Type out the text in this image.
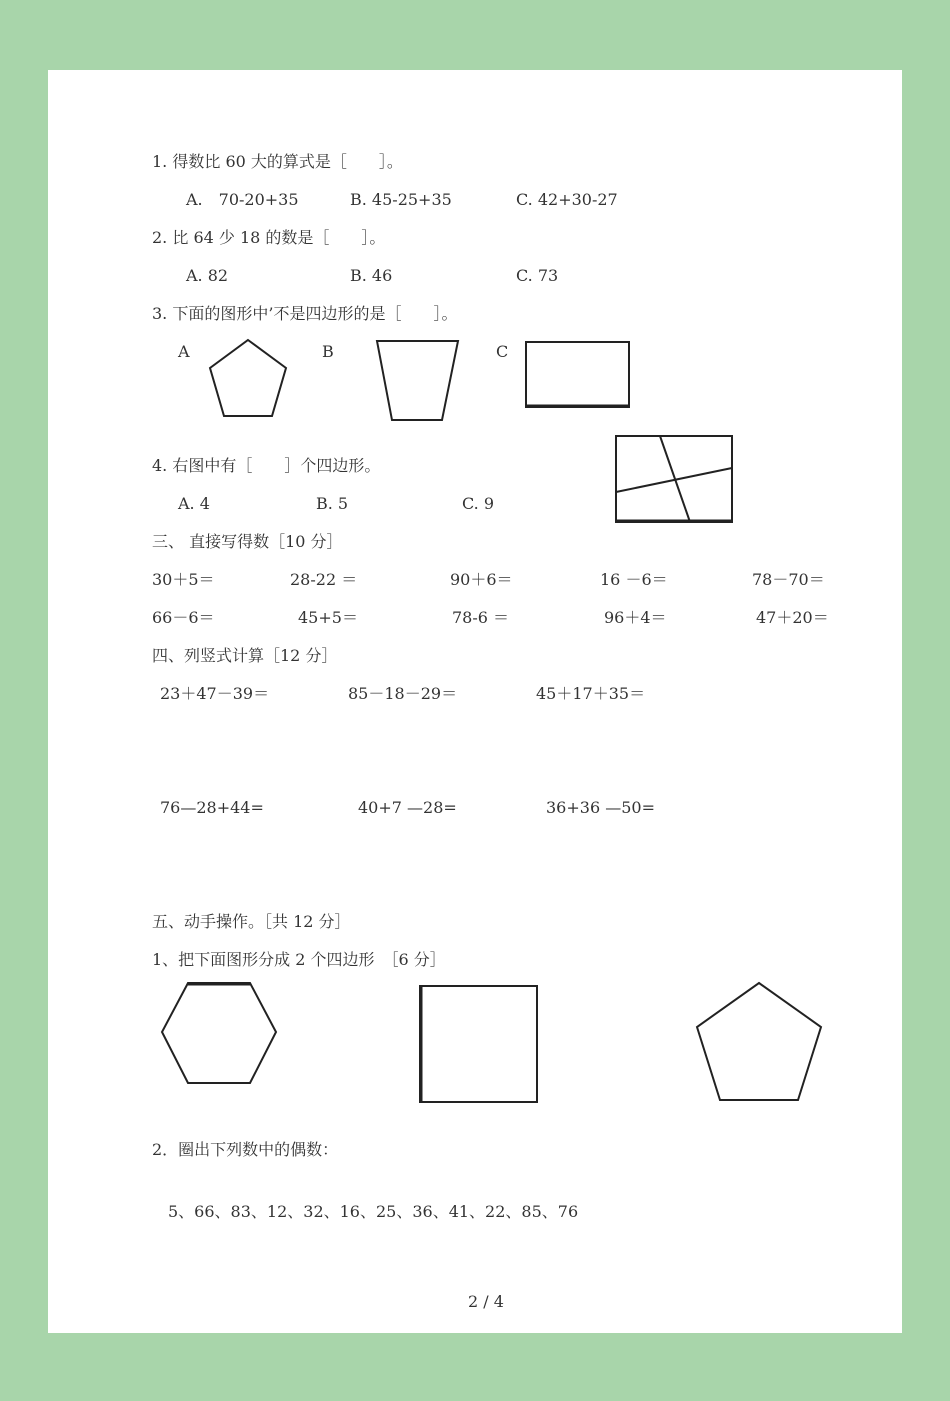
1. 得数比 60 大的算式是［　　］。
A.　70-20+35	B. 45-25+35	C. 42+30-27
2. 比 64 少 18 的数是［　　］。
A. 82	B. 46	C. 73
3. 下面的图形中’不是四边形的是［　　］。
A	B	C
4. 右图中有［　　］个四边形。
A. 4	B. 5	C. 9
三、 直接写得数［10 分］
30＋5＝	28-22 ＝	90＋6＝	16 －6＝	78－70＝
66－6＝	45+5＝	78-6 ＝	96＋4＝	47＋20＝
四、列竖式计算［12 分］
23＋47－39＝	85－18－29＝	45＋17＋35＝
76—28+44=	40+7 —28=	36+36 —50=
五、动手操作。［共 12 分］
1、把下面图形分成 2 个四边形　［6 分］
2．圈出下列数中的偶数：
5、66、83、12、32、16、25、36、41、22、85、76
2 / 4
